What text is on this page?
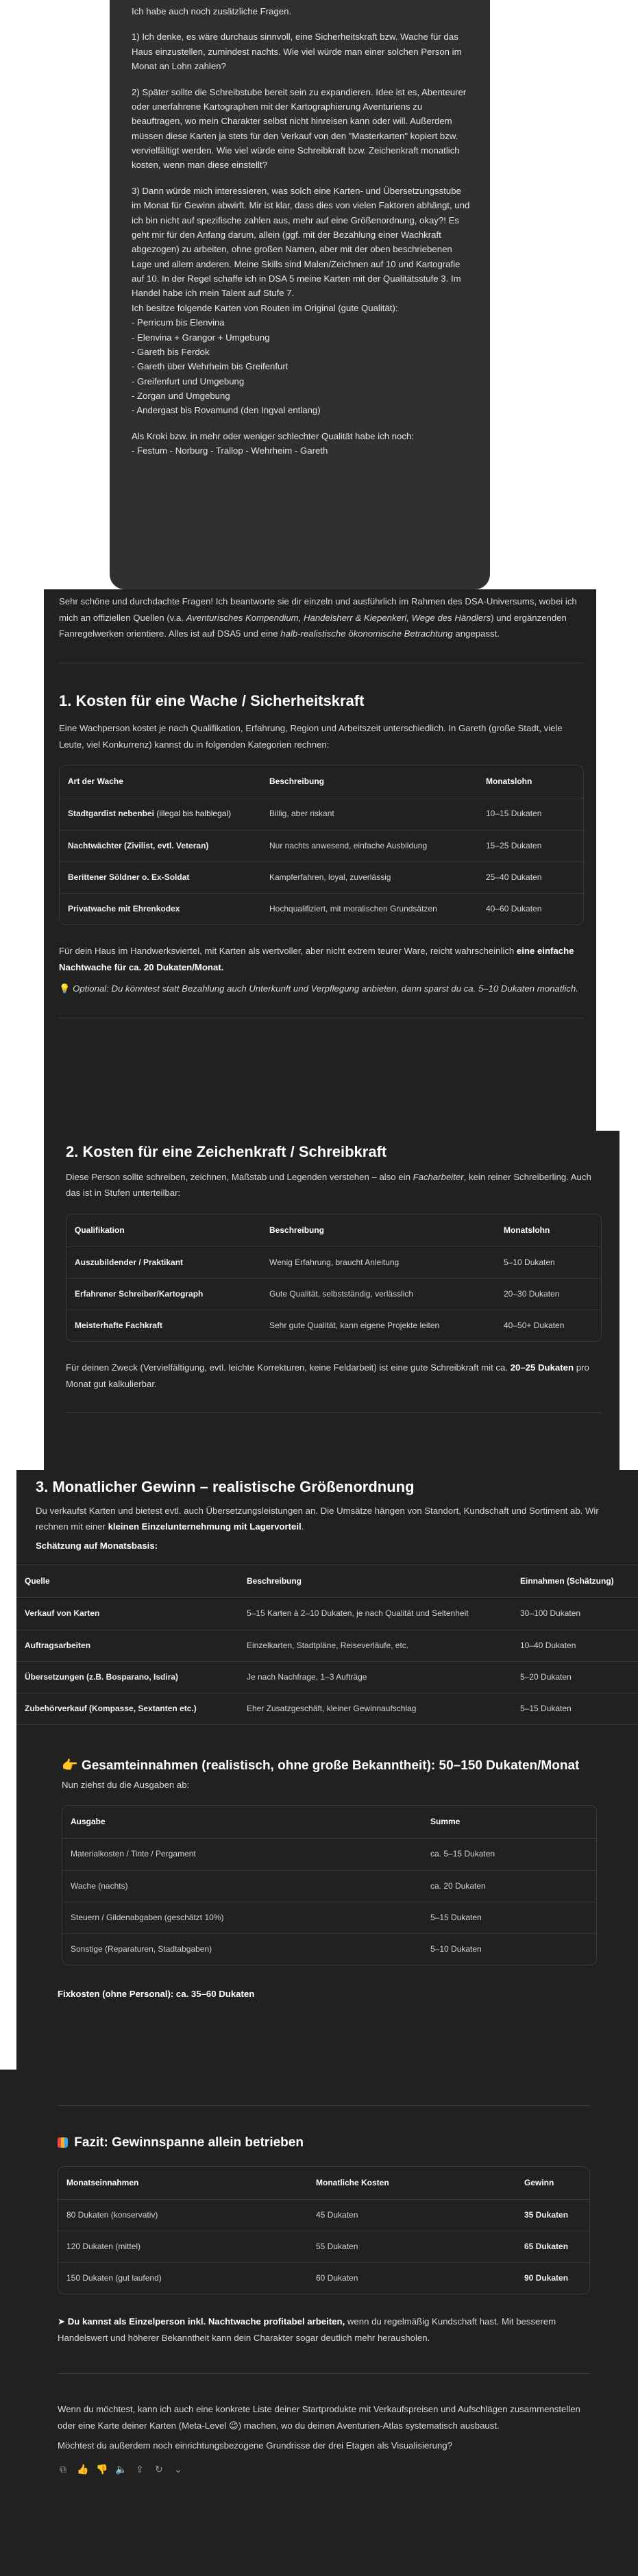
Ich habe auch noch zusätzliche Fragen.

1) Ich denke, es wäre durchaus sinnvoll, eine Sicherheitskraft bzw. Wache für das Haus einzustellen, zumindest nachts. Wie viel würde man einer solchen Person im Monat an Lohn zahlen?

2) Später sollte die Schreibstube bereit sein zu expandieren. Idee ist es, Abenteurer oder unerfahrene Kartographen mit der Kartographierung Aventuriens zu beauftragen, wo mein Charakter selbst nicht hinreisen kann oder will. Außerdem müssen diese Karten ja stets für den Verkauf von den "Masterkarten" kopiert bzw. vervielfältigt werden. Wie viel würde eine Schreibkraft bzw. Zeichenkraft monatlich kosten, wenn man diese einstellt?

3) Dann würde mich interessieren, was solch eine Karten- und Übersetzungsstube im Monat für Gewinn abwirft. Mir ist klar, dass dies von vielen Faktoren abhängt, und ich bin nicht auf spezifische zahlen aus, mehr auf eine Größenordnung, okay?! Es geht mir für den Anfang darum, allein (ggf. mit der Bezahlung einer Wachkraft abgezogen) zu arbeiten, ohne großen Namen, aber mit der oben beschriebenen Lage und allem anderen. Meine Skills sind Malen/Zeichnen auf 10 und Kartografie auf 10. In der Regel schaffe ich in DSA 5 meine Karten mit der Qualitätsstufe 3. Im Handel habe ich mein Talent auf Stufe 7.
Ich besitze folgende Karten von Routen im Original (gute Qualität):
- Perricum bis Elenvina
- Elenvina + Grangor + Umgebung
- Gareth bis Ferdok
- Gareth über Wehrheim bis Greifenfurt
- Greifenfurt und Umgebung
- Zorgan und Umgebung
- Andergast bis Rovamund (den Ingval entlang)

Als Kroki bzw. in mehr oder weniger schlechter Qualität habe ich noch:
- Festum - Norburg - Trallop - Wehrheim - Gareth

Sehr schöne und durchdachte Fragen! Ich beantworte sie dir einzeln und ausführlich im Rahmen des DSA-Universums, wobei ich mich an offiziellen Quellen (v.a. Aventurisches Kompendium, Handelsherr & Kiepenkerl, Wege des Händlers) und ergänzenden Fanregelwerken orientiere. Alles ist auf DSA5 und eine halb-realistische ökonomische Betrachtung angepasst.
1. Kosten für eine Wache / Sicherheitskraft
Eine Wachperson kostet je nach Qualifikation, Erfahrung, Region und Arbeitszeit unterschiedlich. In Gareth (große Stadt, viele Leute, viel Konkurrenz) kannst du in folgenden Kategorien rechnen:
Art der Wache	Beschreibung	Monatslohn
Stadtgardist nebenbei (illegal bis halblegal)	Billig, aber riskant	10–15 Dukaten
Nachtwächter (Zivilist, evtl. Veteran)	Nur nachts anwesend, einfache Ausbildung	15–25 Dukaten
Berittener Söldner o. Ex-Soldat	Kampferfahren, loyal, zuverlässig	25–40 Dukaten
Privatwache mit Ehrenkodex	Hochqualifiziert, mit moralischen Grundsätzen	40–60 Dukaten
Für dein Haus im Handwerksviertel, mit Karten als wertvoller, aber nicht extrem teurer Ware, reicht wahrscheinlich eine einfache Nachtwache für ca. 20 Dukaten/Monat.
💡 Optional: Du könntest statt Bezahlung auch Unterkunft und Verpflegung anbieten, dann sparst du ca. 5–10 Dukaten monatlich.
2. Kosten für eine Zeichenkraft / Schreibkraft
Diese Person sollte schreiben, zeichnen, Maßstab und Legenden verstehen – also ein Facharbeiter, kein reiner Schreiberling. Auch das ist in Stufen unterteilbar:
Qualifikation	Beschreibung	Monatslohn
Auszubildender / Praktikant	Wenig Erfahrung, braucht Anleitung	5–10 Dukaten
Erfahrener Schreiber/Kartograph	Gute Qualität, selbstständig, verlässlich	20–30 Dukaten
Meisterhafte Fachkraft	Sehr gute Qualität, kann eigene Projekte leiten	40–50+ Dukaten
Für deinen Zweck (Vervielfältigung, evtl. leichte Korrekturen, keine Feldarbeit) ist eine gute Schreibkraft mit ca. 20–25 Dukaten pro Monat gut kalkulierbar.
3. Monatlicher Gewinn – realistische Größenordnung
Du verkaufst Karten und bietest evtl. auch Übersetzungsleistungen an. Die Umsätze hängen von Standort, Kundschaft und Sortiment ab. Wir rechnen mit einer kleinen Einzelunternehmung mit Lagervorteil.
Schätzung auf Monatsbasis:
Quelle	Beschreibung	Einnahmen (Schätzung)
Verkauf von Karten	5–15 Karten à 2–10 Dukaten, je nach Qualität und Seltenheit	30–100 Dukaten
Auftragsarbeiten	Einzelkarten, Stadtpläne, Reiseverläufe, etc.	10–40 Dukaten
Übersetzungen (z.B. Bosparano, Isdira)	Je nach Nachfrage, 1–3 Aufträge	5–20 Dukaten
Zubehörverkauf (Kompasse, Sextanten etc.)	Eher Zusatzgeschäft, kleiner Gewinnaufschlag	5–15 Dukaten
👉 Gesamteinnahmen (realistisch, ohne große Bekanntheit): 50–150 Dukaten/Monat
Nun ziehst du die Ausgaben ab:
Ausgabe	Summe
Materialkosten / Tinte / Pergament	ca. 5–15 Dukaten
Wache (nachts)	ca. 20 Dukaten
Steuern / Gildenabgaben (geschätzt 10%)	5–15 Dukaten
Sonstige (Reparaturen, Stadtabgaben)	5–10 Dukaten
Fixkosten (ohne Personal): ca. 35–60 Dukaten
Fazit: Gewinnspanne allein betrieben
Monatseinnahmen	Monatliche Kosten	Gewinn
80 Dukaten (konservativ)	45 Dukaten	35 Dukaten
120 Dukaten (mittel)	55 Dukaten	65 Dukaten
150 Dukaten (gut laufend)	60 Dukaten	90 Dukaten
➤ Du kannst als Einzelperson inkl. Nachtwache profitabel arbeiten, wenn du regelmäßig Kundschaft hast. Mit besserem Handelswert und höherer Bekanntheit kann dein Charakter sogar deutlich mehr herausholen.
Wenn du möchtest, kann ich auch eine konkrete Liste deiner Startprodukte mit Verkaufspreisen und Aufschlägen zusammenstellen oder eine Karte deiner Karten (Meta-Level 😉) machen, wo du deinen Aventurien-Atlas systematisch ausbaust.
Möchtest du außerdem noch einrichtungsbezogene Grundrisse der drei Etagen als Visualisierung?
⧉ 👍 👎 🔈 ⇪ ↻ ⌄
